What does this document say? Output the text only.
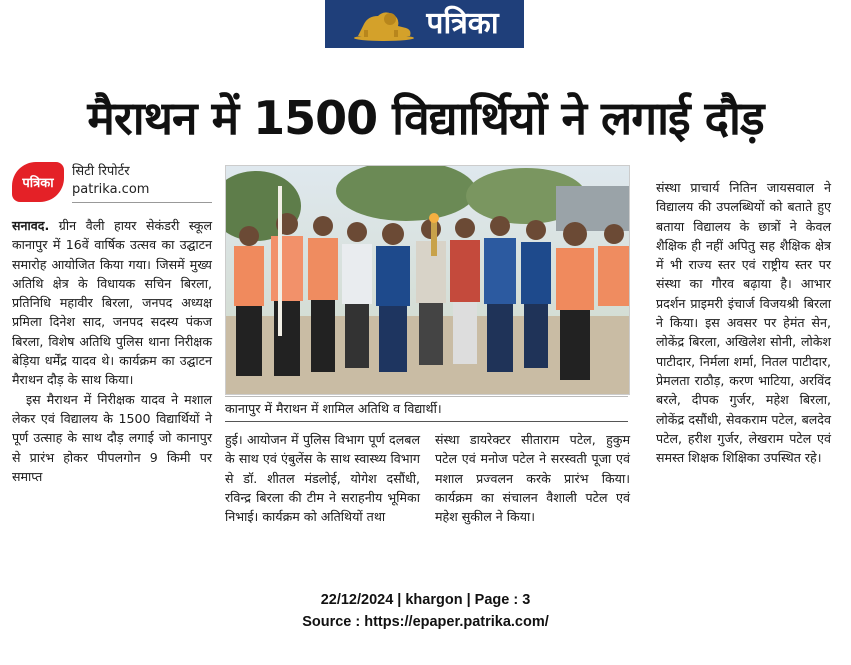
पत्रिका
मैराथन में 1500 विद्यार्थियों ने लगाई दौड़
पत्रिका
सिटी रिपोर्टर
patrika.com

सनावद. ग्रीन वैली हायर सेकंडरी स्कूल कानापुर में 16वें वार्षिक उत्सव का उद्घाटन समारोह आयोजित किया गया। जिसमें मुख्य अतिथि क्षेत्र के विधायक सचिन बिरला, प्रतिनिधि महावीर बिरला, जनपद अध्यक्ष प्रमिला दिनेश साद, जनपद सदस्य पंकज बिरला, विशेष अतिथि पुलिस थाना निरीक्षक बेड़िया धर्मेंद्र यादव थे। कार्यक्रम का उद्घाटन मैराथन दौड़ के साथ किया।

इस मैराथन में निरीक्षक यादव ने मशाल लेकर एवं विद्यालय के 1500 विद्यार्थियों ने पूर्ण उत्साह के साथ दौड़ लगाई जो कानापुर से प्रारंभ होकर पीपलगोन 9 किमी पर समाप्त

कानापुर में मैराथन में शामिल अतिथि व विद्यार्थी।

हुई। आयोजन में पुलिस विभाग पूर्ण दलबल के साथ एवं एंबुलेंस के साथ स्वास्थ्य विभाग से डॉ. शीतल मंडलोई, योगेश दसौंधी, रविन्द्र बिरला की टीम ने सराहनीय भूमिका निभाई। कार्यक्रम को अतिथियों तथा

संस्था डायरेक्टर सीताराम पटेल, हुकुम पटेल एवं मनोज पटेल ने सरस्वती पूजा एवं मशाल प्रज्वलन करके प्रारंभ किया। कार्यक्रम का संचालन वैशाली पटेल एवं महेश सुकील ने किया।

संस्था प्राचार्य नितिन जायसवाल ने विद्यालय की उपलब्धियों को बताते हुए बताया विद्यालय के छात्रों ने केवल शैक्षिक ही नहीं अपितु सह शैक्षिक क्षेत्र में भी राज्य स्तर एवं राष्ट्रीय स्तर पर संस्था का गौरव बढ़ाया है। आभार प्रदर्शन प्राइमरी इंचार्ज विजयश्री बिरला ने किया। इस अवसर पर हेमंत सेन, लोकेंद्र बिरला, अखिलेश सोनी, लोकेश पाटीदार, निर्मला शर्मा, नितल पाटीदार, प्रेमलता राठौड़, करण भाटिया, अरविंद बरले, दीपक गुर्जर, महेश बिरला, लोकेंद्र दसौंधी, सेवकराम पटेल, बलदेव पटेल, हरीश गुर्जर, लेखराम पटेल एवं समस्त शिक्षक शिक्षिका उपस्थित रहे।

22/12/2024 | khargon | Page : 3
Source : https://epaper.patrika.com/
